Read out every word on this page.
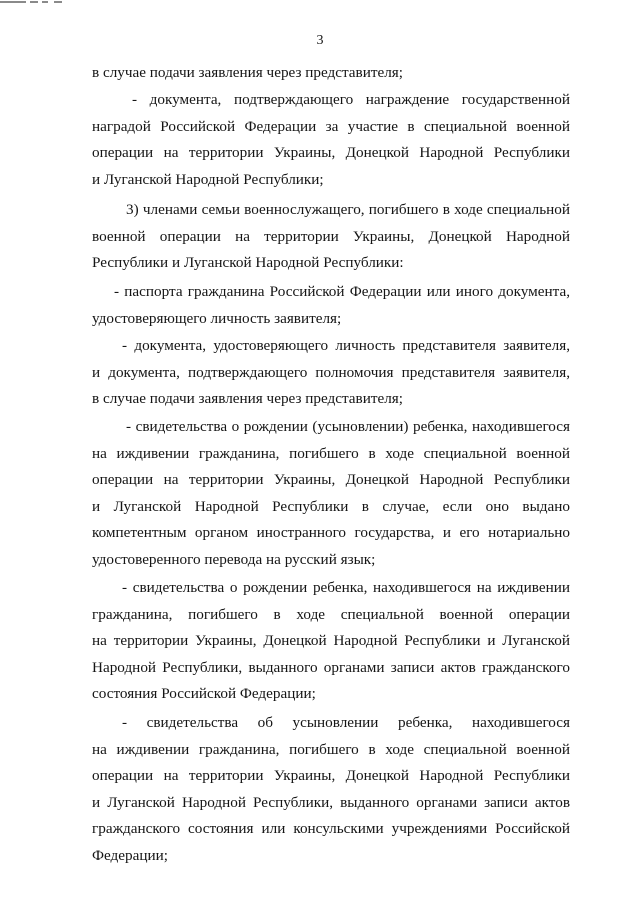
3
в случае подачи заявления через представителя;
- документа, подтверждающего награждение государственной
наградой Российской Федерации за участие в специальной военной
операции на территории Украины, Донецкой Народной Республики
и Луганской Народной Республики;
3) членами семьи военнослужащего, погибшего в ходе специальной
военной операции на территории Украины, Донецкой Народной
Республики и Луганской Народной Республики:
- паспорта гражданина Российской Федерации или иного документа,
удостоверяющего личность заявителя;
- документа, удостоверяющего личность представителя заявителя,
и документа, подтверждающего полномочия представителя заявителя,
в случае подачи заявления через представителя;
- свидетельства о рождении (усыновлении) ребенка, находившегося
на иждивении гражданина, погибшего в ходе специальной военной
операции на территории Украины, Донецкой Народной Республики
и Луганской Народной Республики в случае, если оно выдано
компетентным органом иностранного государства, и его нотариально
удостоверенного перевода на русский язык;
- свидетельства о рождении ребенка, находившегося на иждивении
гражданина, погибшего в ходе специальной военной операции
на территории Украины, Донецкой Народной Республики и Луганской
Народной Республики, выданного органами записи актов гражданского
состояния Российской Федерации;
- свидетельства об усыновлении ребенка, находившегося
на иждивении гражданина, погибшего в ходе специальной военной
операции на территории Украины, Донецкой Народной Республики
и Луганской Народной Республики, выданного органами записи актов
гражданского состояния или консульскими учреждениями Российской
Федерации;
